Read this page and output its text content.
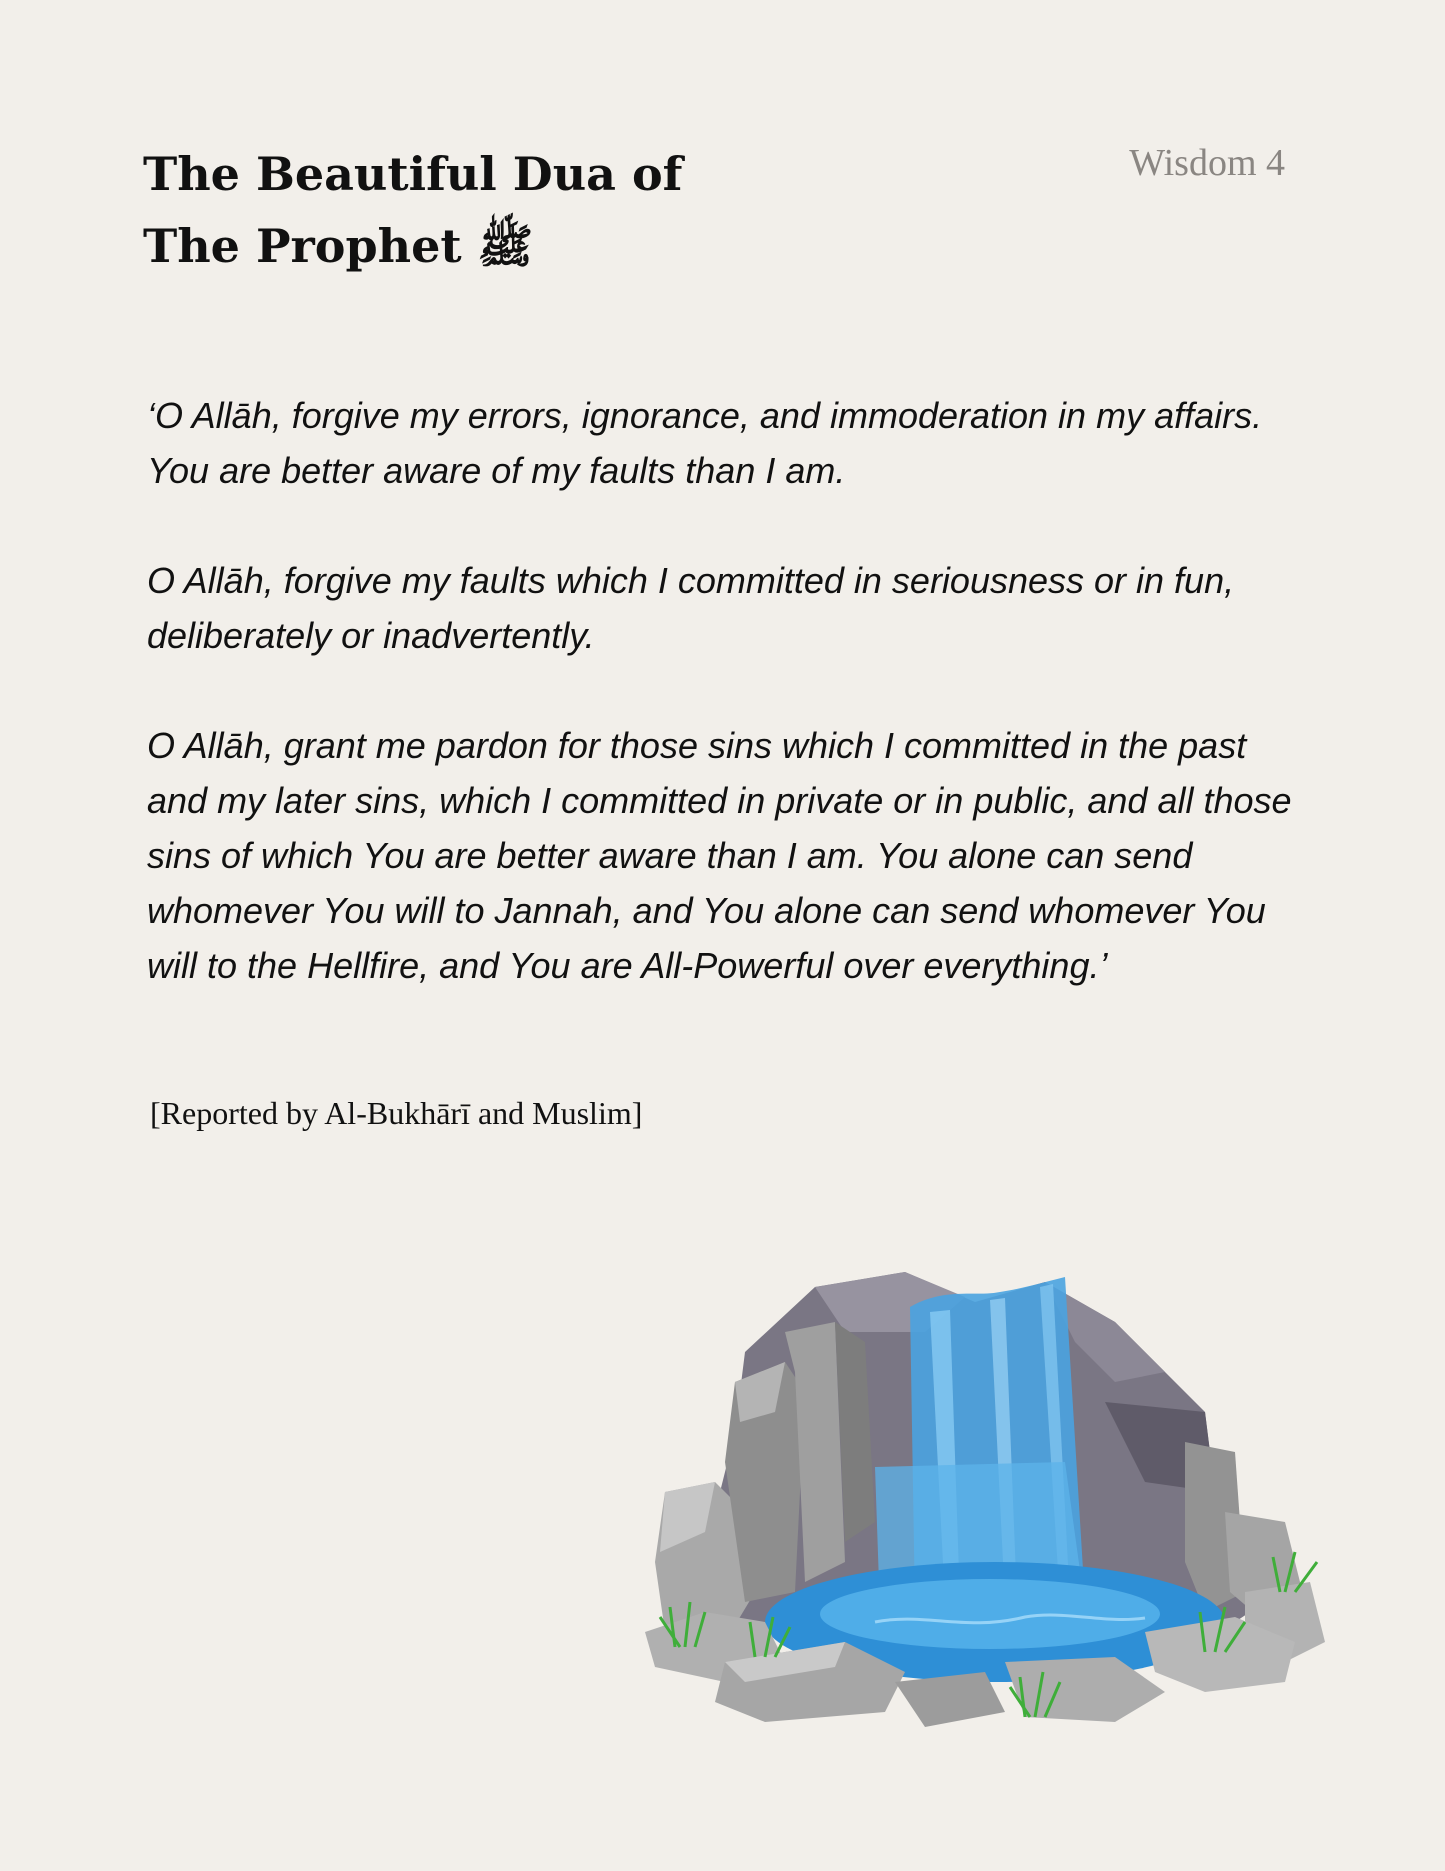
The Beautiful Dua of The Prophet ﷺ
Wisdom 4

‘O Allāh, forgive my errors, ignorance, and immoderation in my affairs. You are better aware of my faults than I am.

O Allāh, forgive my faults which I committed in seriousness or in fun, deliberately or inadvertently.

O Allāh, grant me pardon for those sins which I committed in the past and my later sins, which I committed in private or in public, and all those sins of which You are better aware than I am. You alone can send whomever You will to Jannah, and You alone can send whomever You will to the Hellfire, and You are All-Powerful over everything.’

[Reported by Al-Bukhārī and Muslim]
